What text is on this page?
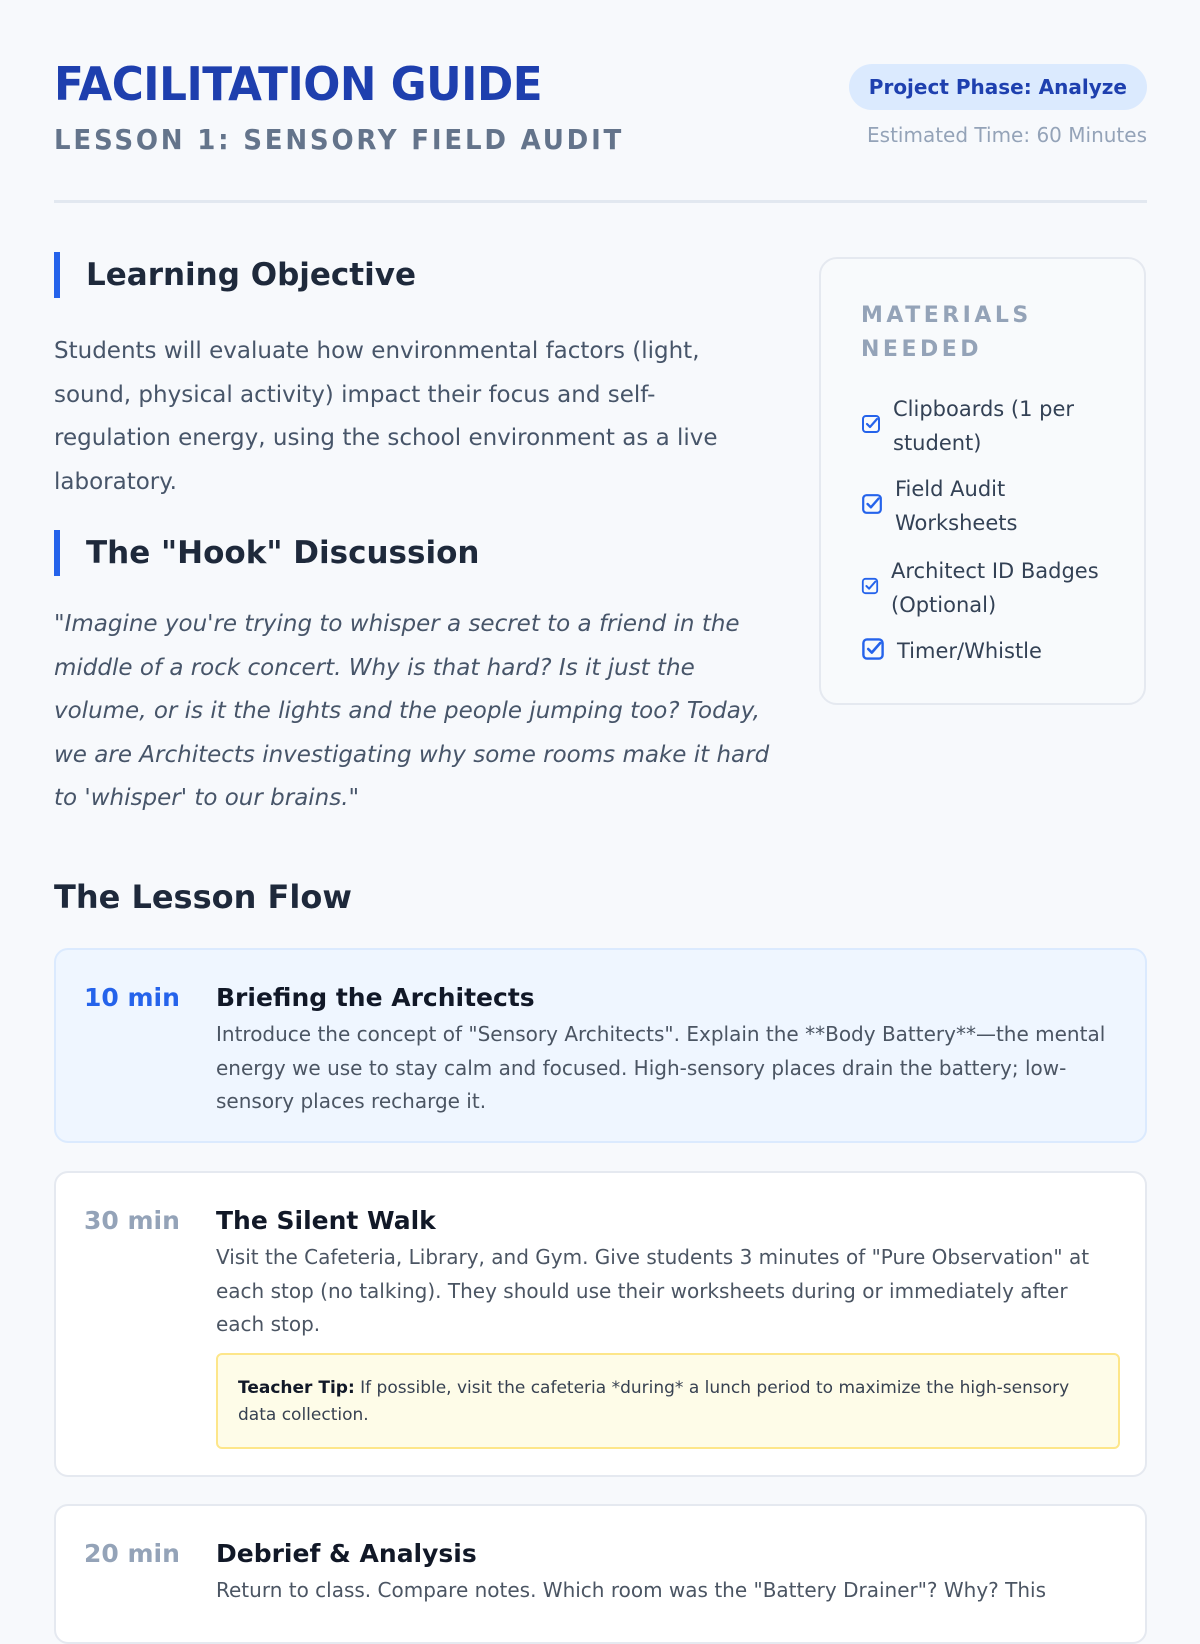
FACILITATION GUIDE
LESSON 1: SENSORY FIELD AUDIT
Project Phase: Analyze
Estimated Time: 60 Minutes
Learning Objective

Students will evaluate how environmental factors (light, sound, physical activity) impact their focus and self-regulation energy, using the school environment as a live laboratory.

The "Hook" Discussion

"Imagine you're trying to whisper a secret to a friend in the middle of a rock concert. Why is that hard? Is it just the volume, or is it the lights and the people jumping too? Today, we are Architects investigating why some rooms make it hard to 'whisper' to our brains."

MATERIALS NEEDED
Clipboards (1 per student)
Field Audit Worksheets
Architect ID Badges (Optional)
Timer/Whistle
The Lesson Flow
10 min Briefing the Architects

Introduce the concept of "Sensory Architects". Explain the **Body Battery**—the mental energy we use to stay calm and focused. High-sensory places drain the battery; low-sensory places recharge it.

30 min The Silent Walk

Visit the Cafeteria, Library, and Gym. Give students 3 minutes of "Pure Observation" at each stop (no talking). They should use their worksheets during or immediately after each stop.

Teacher Tip: If possible, visit the cafeteria *during* a lunch period to maximize the high-sensory data collection.
20 min Debrief & Analysis

Return to class. Compare notes. Which room was the "Battery Drainer"? Why? This
